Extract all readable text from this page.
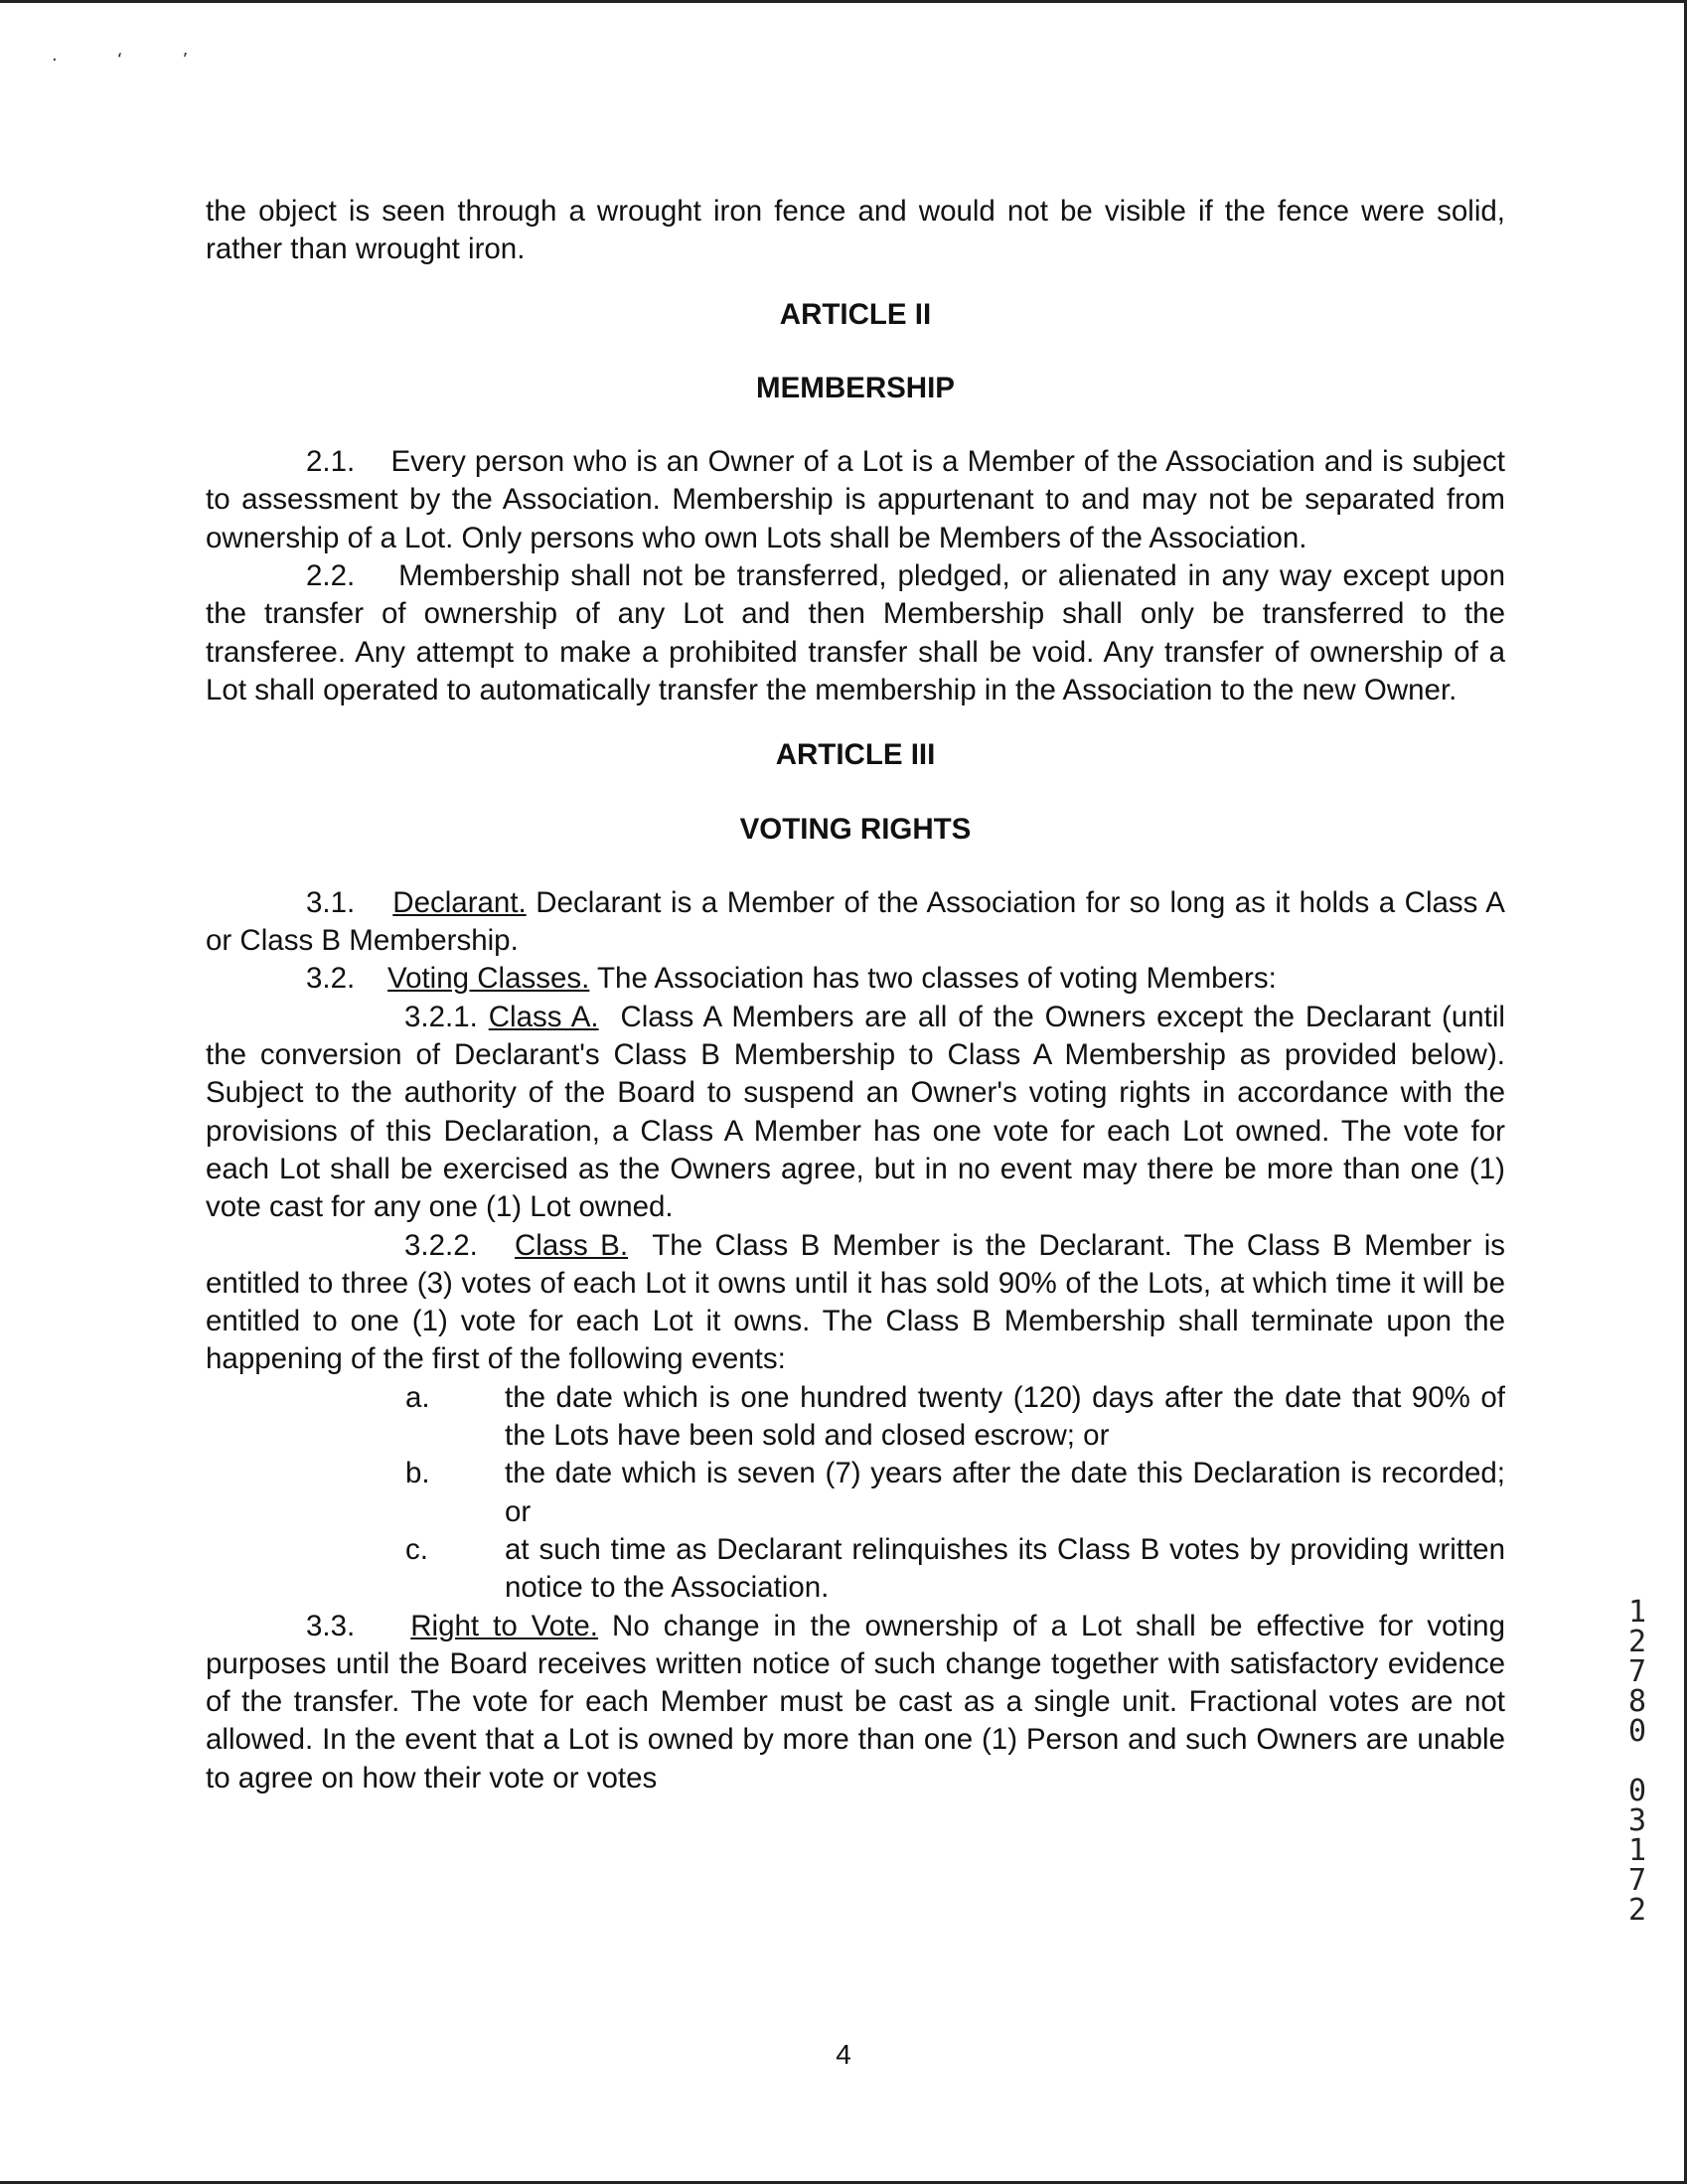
·‘’

the object is seen through a wrought iron fence and would not be visible if the fence were solid, rather than wrought iron.

ARTICLE II

MEMBERSHIP

2.1. Every person who is an Owner of a Lot is a Member of the Association and is subject to assessment by the Association. Membership is appurtenant to and may not be separated from ownership of a Lot. Only persons who own Lots shall be Members of the Association.

2.2. Membership shall not be transferred, pledged, or alienated in any way except upon the transfer of ownership of any Lot and then Membership shall only be transferred to the transferee. Any attempt to make a prohibited transfer shall be void. Any transfer of ownership of a Lot shall operated to automatically transfer the membership in the Association to the new Owner.

ARTICLE III

VOTING RIGHTS

3.1. Declarant. Declarant is a Member of the Association for so long as it holds a Class A or Class B Membership.

3.2. Voting Classes. The Association has two classes of voting Members:

3.2.1. Class A. Class A Members are all of the Owners except the Declarant (until the conversion of Declarant's Class B Membership to Class A Membership as provided below). Subject to the authority of the Board to suspend an Owner's voting rights in accordance with the provisions of this Declaration, a Class A Member has one vote for each Lot owned. The vote for each Lot shall be exercised as the Owners agree, but in no event may there be more than one (1) vote cast for any one (1) Lot owned.

3.2.2. Class B. The Class B Member is the Declarant. The Class B Member is entitled to three (3) votes of each Lot it owns until it has sold 90% of the Lots, at which time it will be entitled to one (1) vote for each Lot it owns. The Class B Membership shall terminate upon the happening of the first of the following events:

a.	the date which is one hundred twenty (120) days after the date that 90% of the Lots have been sold and closed escrow; or

b.	the date which is seven (7) years after the date this Declaration is recorded; or

c.	at such time as Declarant relinquishes its Class B votes by providing written notice to the Association.

3.3. Right to Vote. No change in the ownership of a Lot shall be effective for voting purposes until the Board receives written notice of such change together with satisfactory evidence of the transfer. The vote for each Member must be cast as a single unit. Fractional votes are not allowed. In the event that a Lot is owned by more than one (1) Person and such Owners are unable to agree on how their vote or votes

1
2
7
8
0

0
3
1
7
2
4
